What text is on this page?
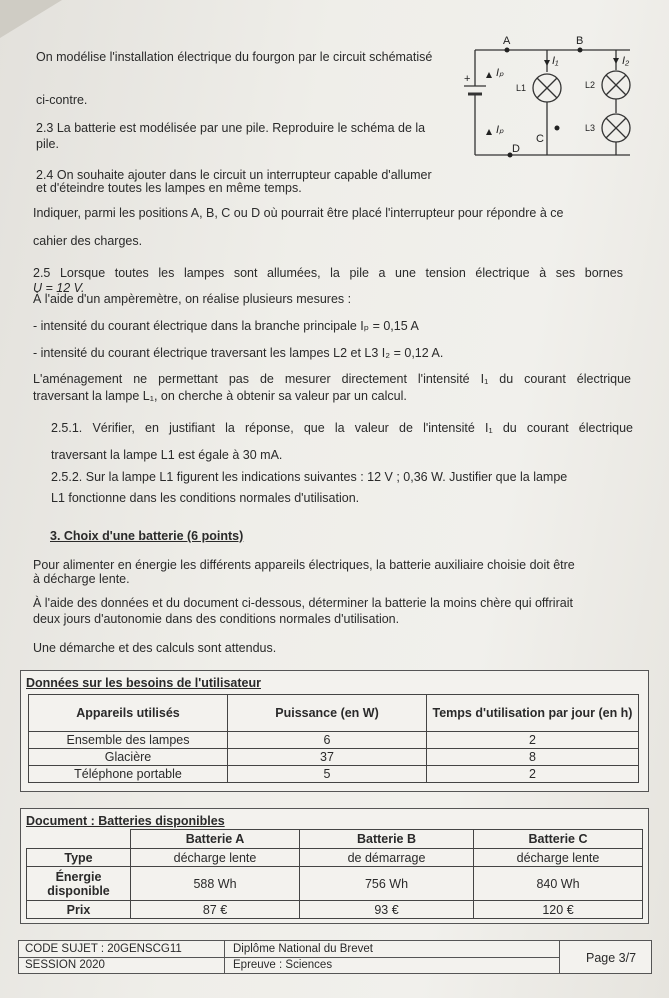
A	B
C
D
+ Iₚ
Iₚ
I₁	I₂
L1	L2
L3
On modélise l'installation électrique du fourgon par le circuit schématisé
ci-contre.
2.3 La batterie est modélisée par une pile. Reproduire le schéma de la
pile.
2.4 On souhaite ajouter dans le circuit un interrupteur capable d'allumer
et d'éteindre toutes les lampes en même temps.
Indiquer, parmi les positions A, B, C ou D où pourrait être placé l'interrupteur pour répondre à ce
cahier des charges.
2.5 Lorsque toutes les lampes sont allumées, la pile a une tension électrique à ses bornes
U = 12 V.
À l'aide d'un ampèremètre, on réalise plusieurs mesures :
- intensité du courant électrique dans la branche principale Iₚ = 0,15 A
- intensité du courant électrique traversant les lampes L2 et L3 I₂ = 0,12 A.
L'aménagement ne permettant pas de mesurer directement l'intensité I₁ du courant électrique
traversant la lampe L₁, on cherche à obtenir sa valeur par un calcul.
2.5.1. Vérifier, en justifiant la réponse, que la valeur de l'intensité I₁ du courant électrique
traversant la lampe L1 est égale à 30 mA.
2.5.2. Sur la lampe L1 figurent les indications suivantes : 12 V ; 0,36 W. Justifier que la lampe
L1 fonctionne dans les conditions normales d'utilisation.
3. Choix d'une batterie (6 points)
Pour alimenter en énergie les différents appareils électriques, la batterie auxiliaire choisie doit être
à décharge lente.
À l'aide des données et du document ci-dessous, déterminer la batterie la moins chère qui offrirait
deux jours d'autonomie dans des conditions normales d'utilisation.
Une démarche et des calculs sont attendus.
Données sur les besoins de l'utilisateur
Appareils utilisés	Puissance (en W)	Temps d'utilisation par jour (en h)
Ensemble des lampes	6	2
Glacière	37	8
Téléphone portable	5	2
Document : Batteries disponibles
	Batterie A	Batterie B	Batterie C
Type	décharge lente	de démarrage	décharge lente
Énergie disponible	588 Wh	756 Wh	840 Wh
Prix	87 €	93 €	120 €
CODE SUJET : 20GENSCG11
SESSION 2020
Diplôme National du Brevet
Epreuve : Sciences	Page 3/7
